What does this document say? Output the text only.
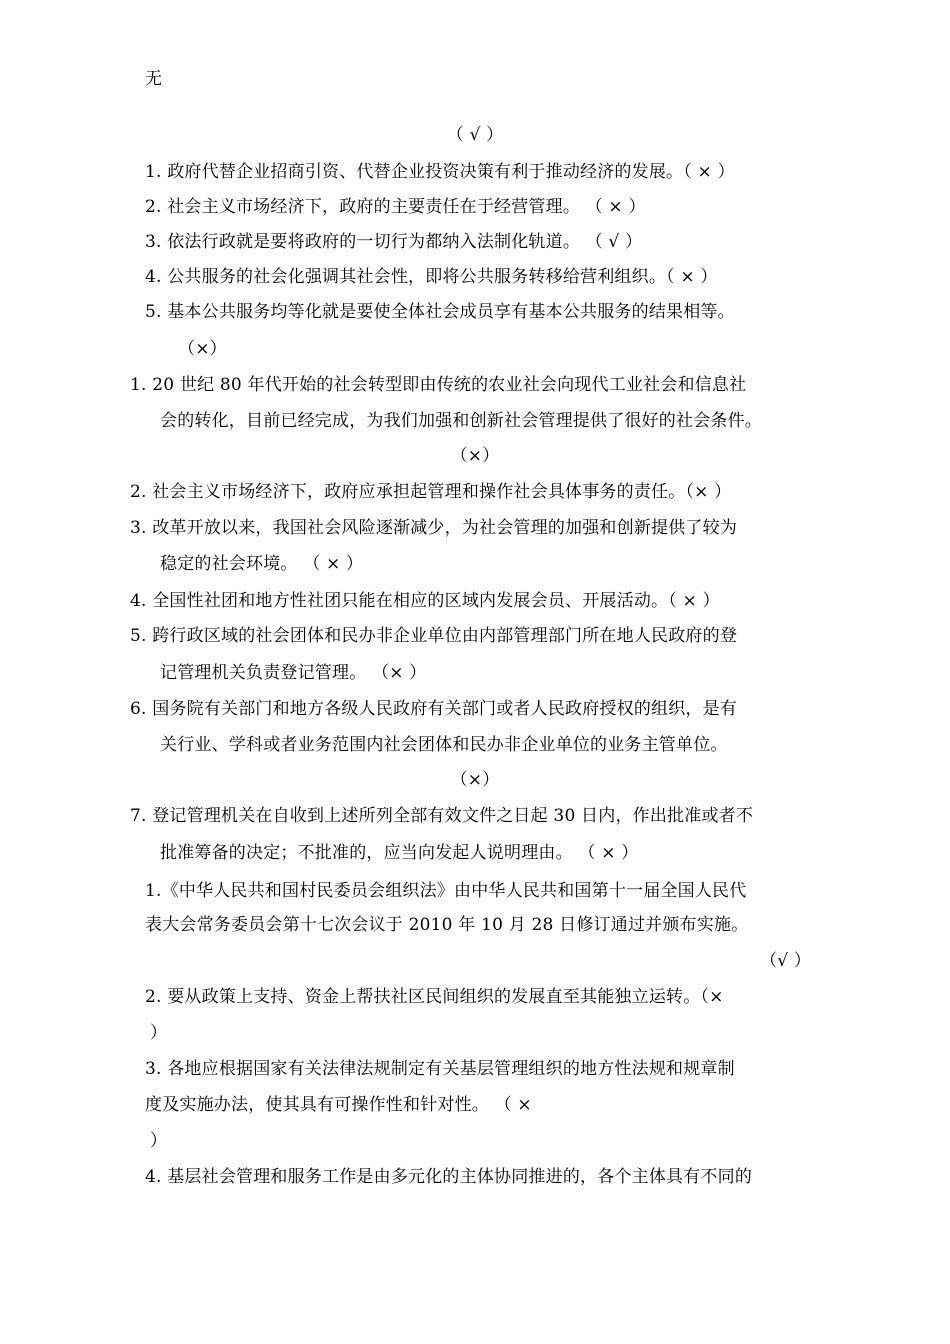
无
（ √ ）
1. 政府代替企业招商引资、代替企业投资决策有利于推动经济的发展。（ × ）
2. 社会主义市场经济下，政府的主要责任在于经营管理。 （ × ）
3. 依法行政就是要将政府的一切行为都纳入法制化轨道。 （ √ ）
4. 公共服务的社会化强调其社会性，即将公共服务转移给营利组织。（ × ）
5. 基本公共服务均等化就是要使全体社会成员享有基本公共服务的结果相等。
（×）
1. 20 世纪 80 年代开始的社会转型即由传统的农业社会向现代工业社会和信息社
会的转化，目前已经完成，为我们加强和创新社会管理提供了很好的社会条件。
（×）
2. 社会主义市场经济下，政府应承担起管理和操作社会具体事务的责任。（× ）
3. 改革开放以来，我国社会风险逐渐减少，为社会管理的加强和创新提供了较为
稳定的社会环境。 （ × ）
4. 全国性社团和地方性社团只能在相应的区域内发展会员、开展活动。（ × ）
5. 跨行政区域的社会团体和民办非企业单位由内部管理部门所在地人民政府的登
记管理机关负责登记管理。 （× ）
6. 国务院有关部门和地方各级人民政府有关部门或者人民政府授权的组织，是有
关行业、学科或者业务范围内社会团体和民办非企业单位的业务主管单位。
（×）
7. 登记管理机关在自收到上述所列全部有效文件之日起 30 日内，作出批准或者不
批准筹备的决定；不批准的，应当向发起人说明理由。 （ × ）
1.《中华人民共和国村民委员会组织法》由中华人民共和国第十一届全国人民代
表大会常务委员会第十七次会议于 2010 年 10 月 28 日修订通过并颁布实施。
（√ ）
2. 要从政策上支持、资金上帮扶社区民间组织的发展直至其能独立运转。（×
）
3. 各地应根据国家有关法律法规制定有关基层管理组织的地方性法规和规章制
度及实施办法，使其具有可操作性和针对性。 （ ×
）
4. 基层社会管理和服务工作是由多元化的主体协同推进的，各个主体具有不同的
